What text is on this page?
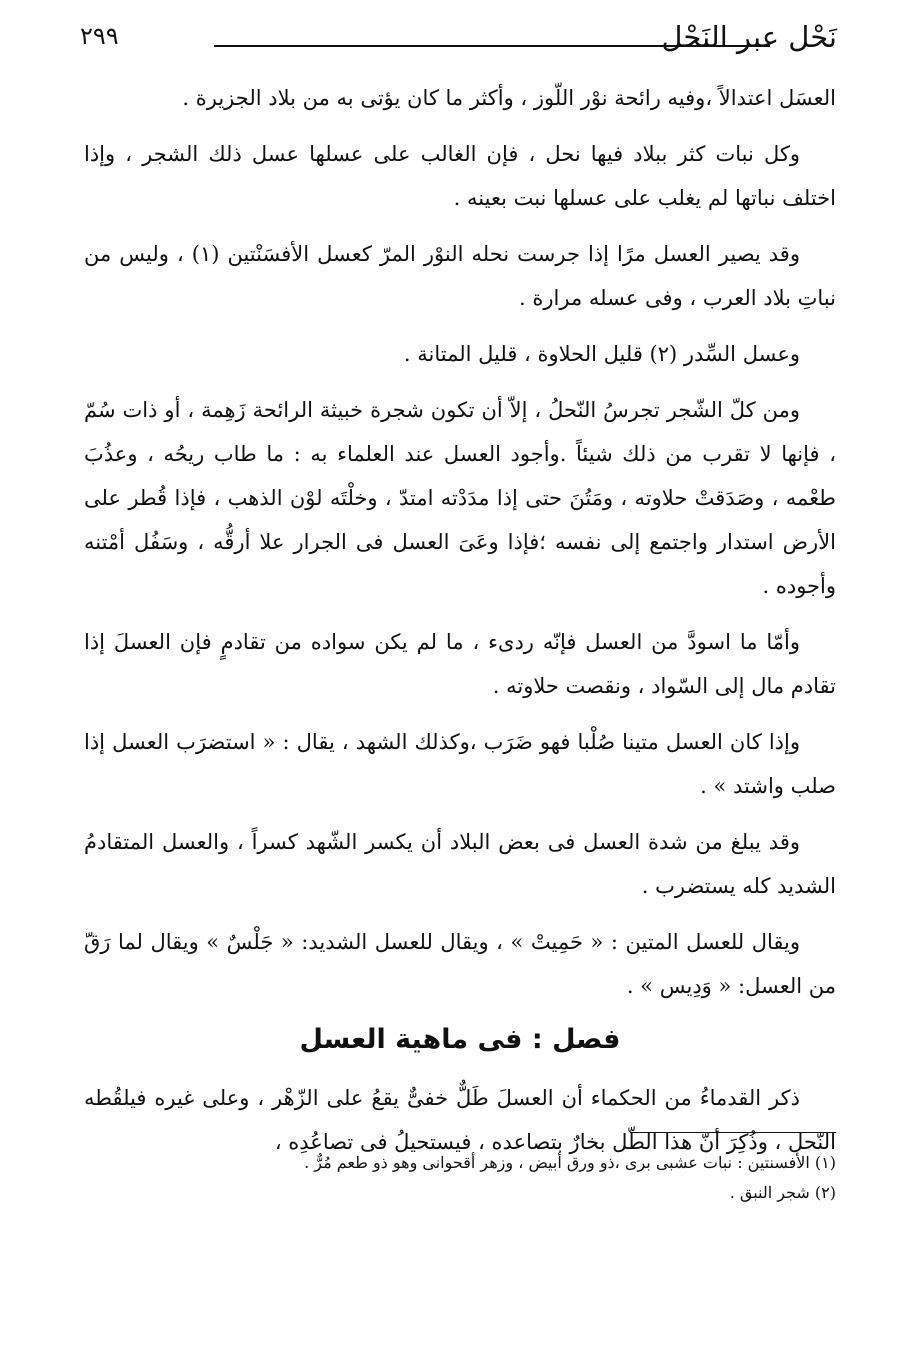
نَحْل عبر النَحْل
٢٩٩

العسَل اعتدالاً ،وفيه رائحة نوْر اللّوز ، وأكثر ما كان يؤتى به من بلاد الجزيرة .

وكل نبات كثر ببلاد فيها نحل ، فإن الغالب على عسلها عسل ذلك الشجر ، وإذا اختلف نباتها لم يغلب على عسلها نبت بعينه .

وقد يصير العسل مرًا إذا جرست نحله النوْر المرّ كعسل الأفسَنْتين (١) ، وليس من نباتِ بلاد العرب ، وفى عسله مرارة .

وعسل السِّدر (٢) قليل الحلاوة ، قليل المتانة .

ومن كلّ الشّجر تجرسُ النّحلُ ، إلاّ أن تكون شجرة خبيثة الرائحة زَهِمة ، أو ذات سُمّ ، فإنها لا تقرب من ذلك شيئاً .وأجود العسل عند العلماء به : ما طاب ريحُه ، وعذُبَ طعْمه ، وصَدَقتْ حلاوته ، ومَتُنَ حتى إذا مدَدْته امتدّ ، وخلْتَه لوْن الذهب ، فإذا قُطر على الأرض استدار واجتمع إلى نفسه ؛فإذا وعَىَ العسل فى الجرار علا أرقُّه ، وسَفُل أمْتنه وأجوده .

وأمّا ما اسودَّ من العسل فإنّه ردىء ، ما لم يكن سواده من تقادمٍ فإن العسلَ إذا تقادم مال إلى السّواد ، ونقصت حلاوته .

وإذا كان العسل متينا صُلْبا فهو ضَرَب ،وكذلك الشهد ، يقال : « استضرَب العسل إذا صلب واشتد » .

وقد يبلغ من شدة العسل فى بعض البلاد أن يكسر الشّهد كسراً ، والعسل المتقادمُ الشديد كله يستضرب .

ويقال للعسل المتين : « حَمِيتْ » ، ويقال للعسل الشديد: « جَلْسٌ » ويقال لما رَقّ من العسل: « وَدِيس » .

فصل : فى ماهية العسل

ذكر القدماءُ من الحكماء أن العسلَ طَلٌّ خفىٌّ يقعُ على الزّهْر ، وعلى غيره فيلقُطه النّحل ، وذُكِرَ أنّ هذا الطّل بخارٌ بتصاعده ، فيستحيلُ فى تصاعُدِه ،

(١) الأفسنتين : نبات عشبى برى ،ذو ورق أبيض ، وزهر أقحوانى وهو ذو طعم مُرٌّ .
(٢) شجر النبق .
